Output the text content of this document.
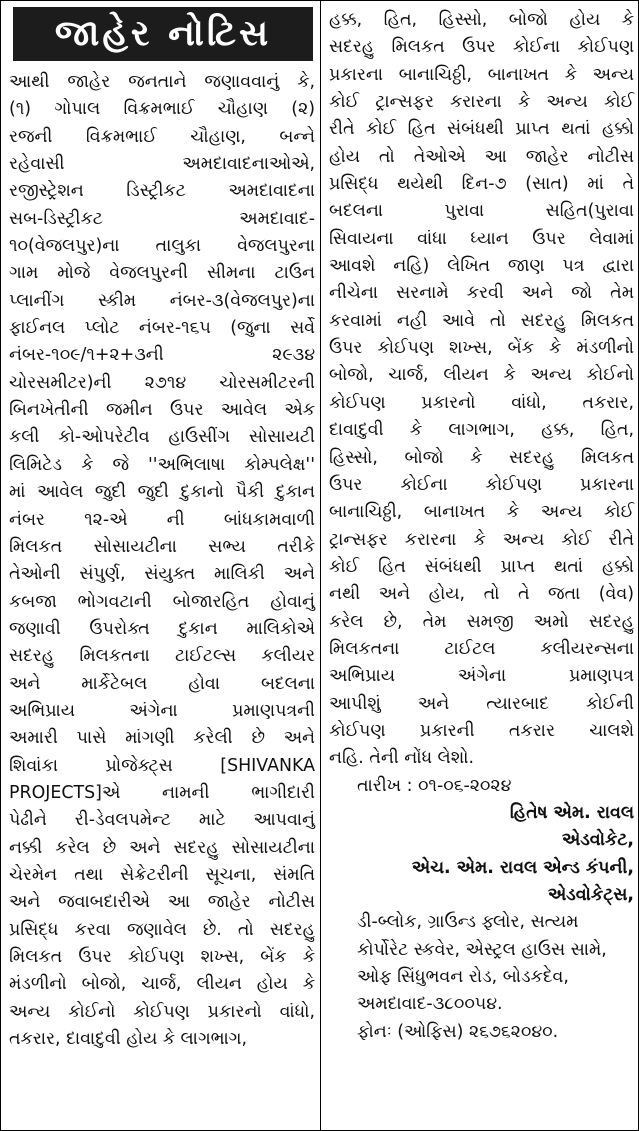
જાહેર નોટિસ

આથી જાહેર જનતાને જણાવવાનું કે,
(૧) ગોપાલ વિક્રમભાઈ ચૌહાણ (૨)
રજની વિક્રમભાઈ ચૌહાણ, બન્ને
રહેવાસી અમદાવાદનાઓએ,
રજીસ્ટ્રેશન ડિસ્ટ્રીકટ અમદાવાદના
સબ-ડિસ્ટ્રીકટ અમદાવાદ-
૧૦(વેજલપુર)ના તાલુકા વેજલપુરના
ગામ મોજે વેજલપુરની સીમના ટાઉન
પ્લાનીંગ સ્કીમ નંબર-૩(વેજલપુર)ના
ફાઈનલ પ્લોટ નંબર-૧૬૫ (જુના સર્વે
નંબર-૧૦૯/૧+૨+૩ની ૨૯૩૪
ચોરસમીટર)ની ૨૭૧૪ ચોરસમીટરની
બિનખેતીની જમીન ઉપર આવેલ એક
કલી કો-ઓપરેટીવ હાઉસીંગ સોસાયટી
લિમિટેડ કે જે ''અભિલાષા કોમ્પલેક્ષ''
માં આવેલ જુદી જુદી દુકાનો પૈકી દુકાન
નંબર ૧૨-એ ની બાંધકામવાળી
મિલકત સોસાયટીના સભ્ય તરીકે
તેઓની સંપુર્ણ, સંયુક્ત માલિકી અને
કબજા ભોગવટાની બોજારહિત હોવાનું
જણાવી ઉપરોક્ત દુકાન માલિકોએ
સદરહુ મિલકતના ટાઈટલ્સ કલીયર
અને માર્કેટેબલ હોવા બદલના
અભિપ્રાય અંગેના પ્રમાણપત્રની
અમારી પાસે માંગણી કરેલી છે અને
શિવાંકા પ્રોજેક્ટ્સ [SHIVANKA
PROJECTS]એ નામની ભાગીદારી
પેઢીને રી-ડેવલપમેન્ટ માટે આપવાનું
નક્કી કરેલ છે અને સદરહુ સોસાયટીના
ચેરમેન તથા સેક્રેટરીની સૂચના, સંમતિ
અને જવાબદારીએ આ જાહેર નોટીસ
પ્રસિદ્ધ કરવા જણાવેલ છે. તો સદરહુ
મિલકત ઉપર કોઈપણ શખ્સ, બેંક કે
મંડળીનો બોજો, ચાર્જ, લીયન હોય કે
અન્ય કોઈનો કોઈપણ પ્રકારનો વાંધો,
તકરાર, દાવાદુવી હોય કે લાગભાગ,

હક્ક, હિત, હિસ્સો, બોજો હોય કે
સદરહુ મિલકત ઉપર કોઈના કોઈપણ
પ્રકારના બાનાચિઠ્ઠી, બાનાખત કે અન્ય
કોઈ ટ્રાન્સફર કરારના કે અન્ય કોઈ
રીતે કોઈ હિત સંબંધથી પ્રાપ્ત થતાં હક્કો
હોય તો તેઓએ આ જાહેર નોટીસ
પ્રસિદ્ધ થયેથી દિન-૭ (સાત) માં તે
બદલના પુરાવા સહિત(પુરાવા
સિવાયના વાંધા ધ્યાન ઉપર લેવામાં
આવશે નહિ) લેખિત જાણ પત્ર દ્વારા
નીચેના સરનામે કરવી અને જો તેમ
કરવામાં નહી આવે તો સદરહુ મિલકત
ઉપર કોઈપણ શખ્સ, બેંક કે મંડળીનો
બોજો, ચાર્જ, લીયન કે અન્ય કોઈનો
કોઈપણ પ્રકારનો વાંધો, તકરાર,
દાવાદુવી કે લાગભાગ, હક્ક, હિત,
હિસ્સો, બોજો કે સદરહુ મિલકત
ઉપર કોઈના કોઈપણ પ્રકારના
બાનાચિઠ્ઠી, બાનાખત કે અન્ય કોઈ
ટ્રાન્સફર કરારના કે અન્ય કોઈ રીતે
કોઈ હિત સંબંધથી પ્રાપ્ત થતાં હક્કો
નથી અને હોય, તો તે જતા (વેવ)
કરેલ છે, તેમ સમજી અમો સદરહુ
મિલકતના ટાઈટલ કલીયરન્સના
અભિપ્રાય અંગેના પ્રમાણપત્ર
આપીશું અને ત્યારબાદ કોઈની
કોઈપણ પ્રકારની તકરાર ચાલશે
નહિ. તેની નોંધ લેશો.

તારીખ : ૦૧-૦૬-૨૦૨૪
હિતેષ એમ. રાવલ
એડવોકેટ,
એચ. એમ. રાવલ એન્ડ કંપની,
એડવોકેટ્સ,
ડી-બ્લોક, ગ્રાઉન્ડ ફ્લોર, સત્યમ
કોર્પોરેટ સ્કવેર, એસ્ટ્રલ હાઉસ સામે,
ઓફ સિંધુભવન રોડ, બોડકદેવ,
અમદાવાદ-૩૮૦૦૫૪.
ફોનઃ (ઓફિસ) ૨૬૭૬૨૦૪૦.
